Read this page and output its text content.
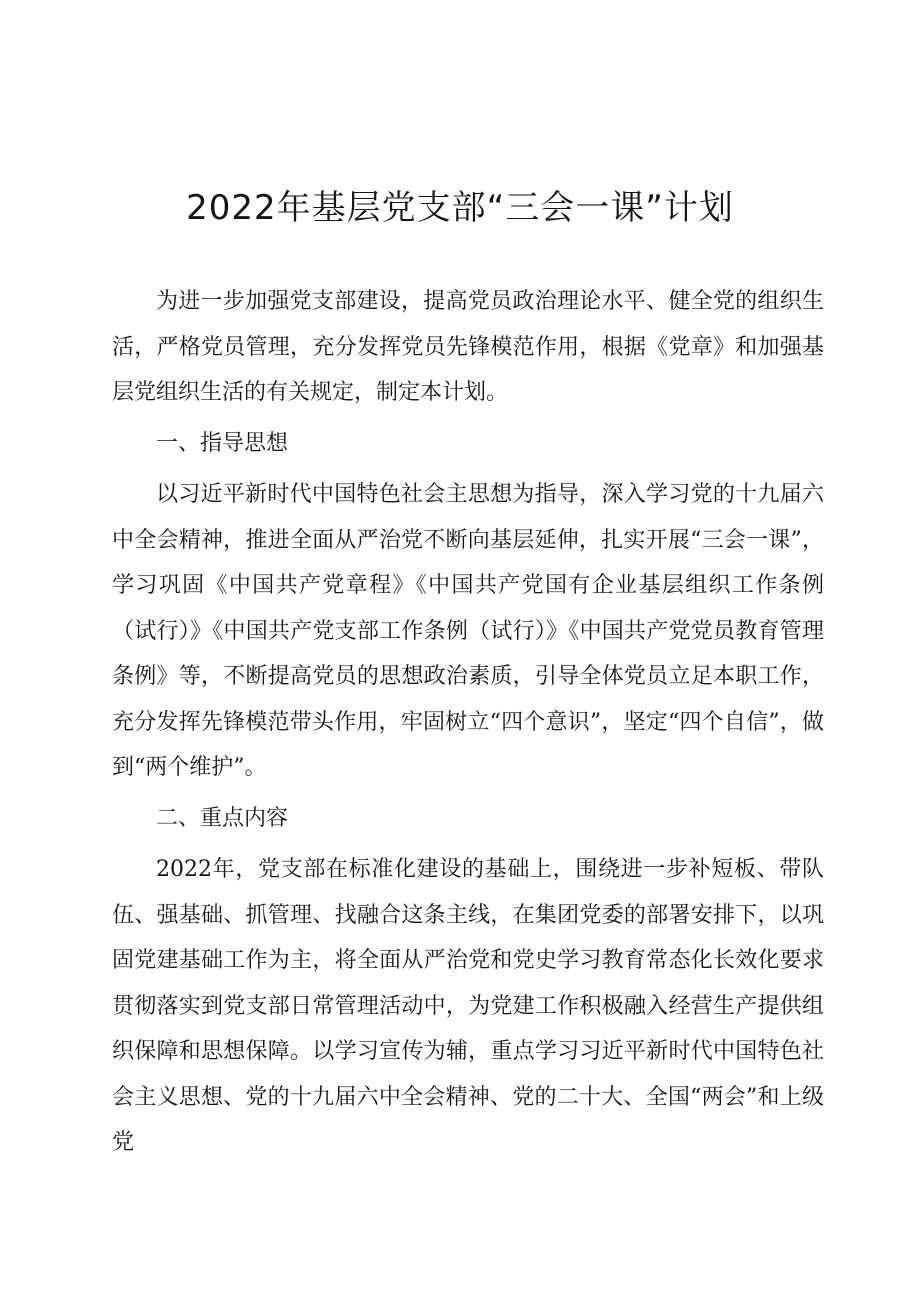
2022年基层党支部“三会一课”计划

为进一步加强党支部建设，提高党员政治理论水平、健全党的组织生活，严格党员管理，充分发挥党员先锋模范作用，根据《党章》和加强基层党组织生活的有关规定，制定本计划。

一、指导思想

以习近平新时代中国特色社会主思想为指导，深入学习党的十九届六中全会精神，推进全面从严治党不断向基层延伸，扎实开展“三会一课”，学习巩固《中国共产党章程》《中国共产党国有企业基层组织工作条例（试行）》《中国共产党支部工作条例（试行）》《中国共产党党员教育管理条例》等，不断提高党员的思想政治素质，引导全体党员立足本职工作，充分发挥先锋模范带头作用，牢固树立“四个意识”，坚定“四个自信”，做到“两个维护”。

二、重点内容

2022年，党支部在标准化建设的基础上，围绕进一步补短板、带队伍、强基础、抓管理、找融合这条主线，在集团党委的部署安排下，以巩固党建基础工作为主，将全面从严治党和党史学习教育常态化长效化要求贯彻落实到党支部日常管理活动中，为党建工作积极融入经营生产提供组织保障和思想保障。以学习宣传为辅，重点学习习近平新时代中国特色社会主义思想、党的十九届六中全会精神、党的二十大、全国“两会”和上级党
